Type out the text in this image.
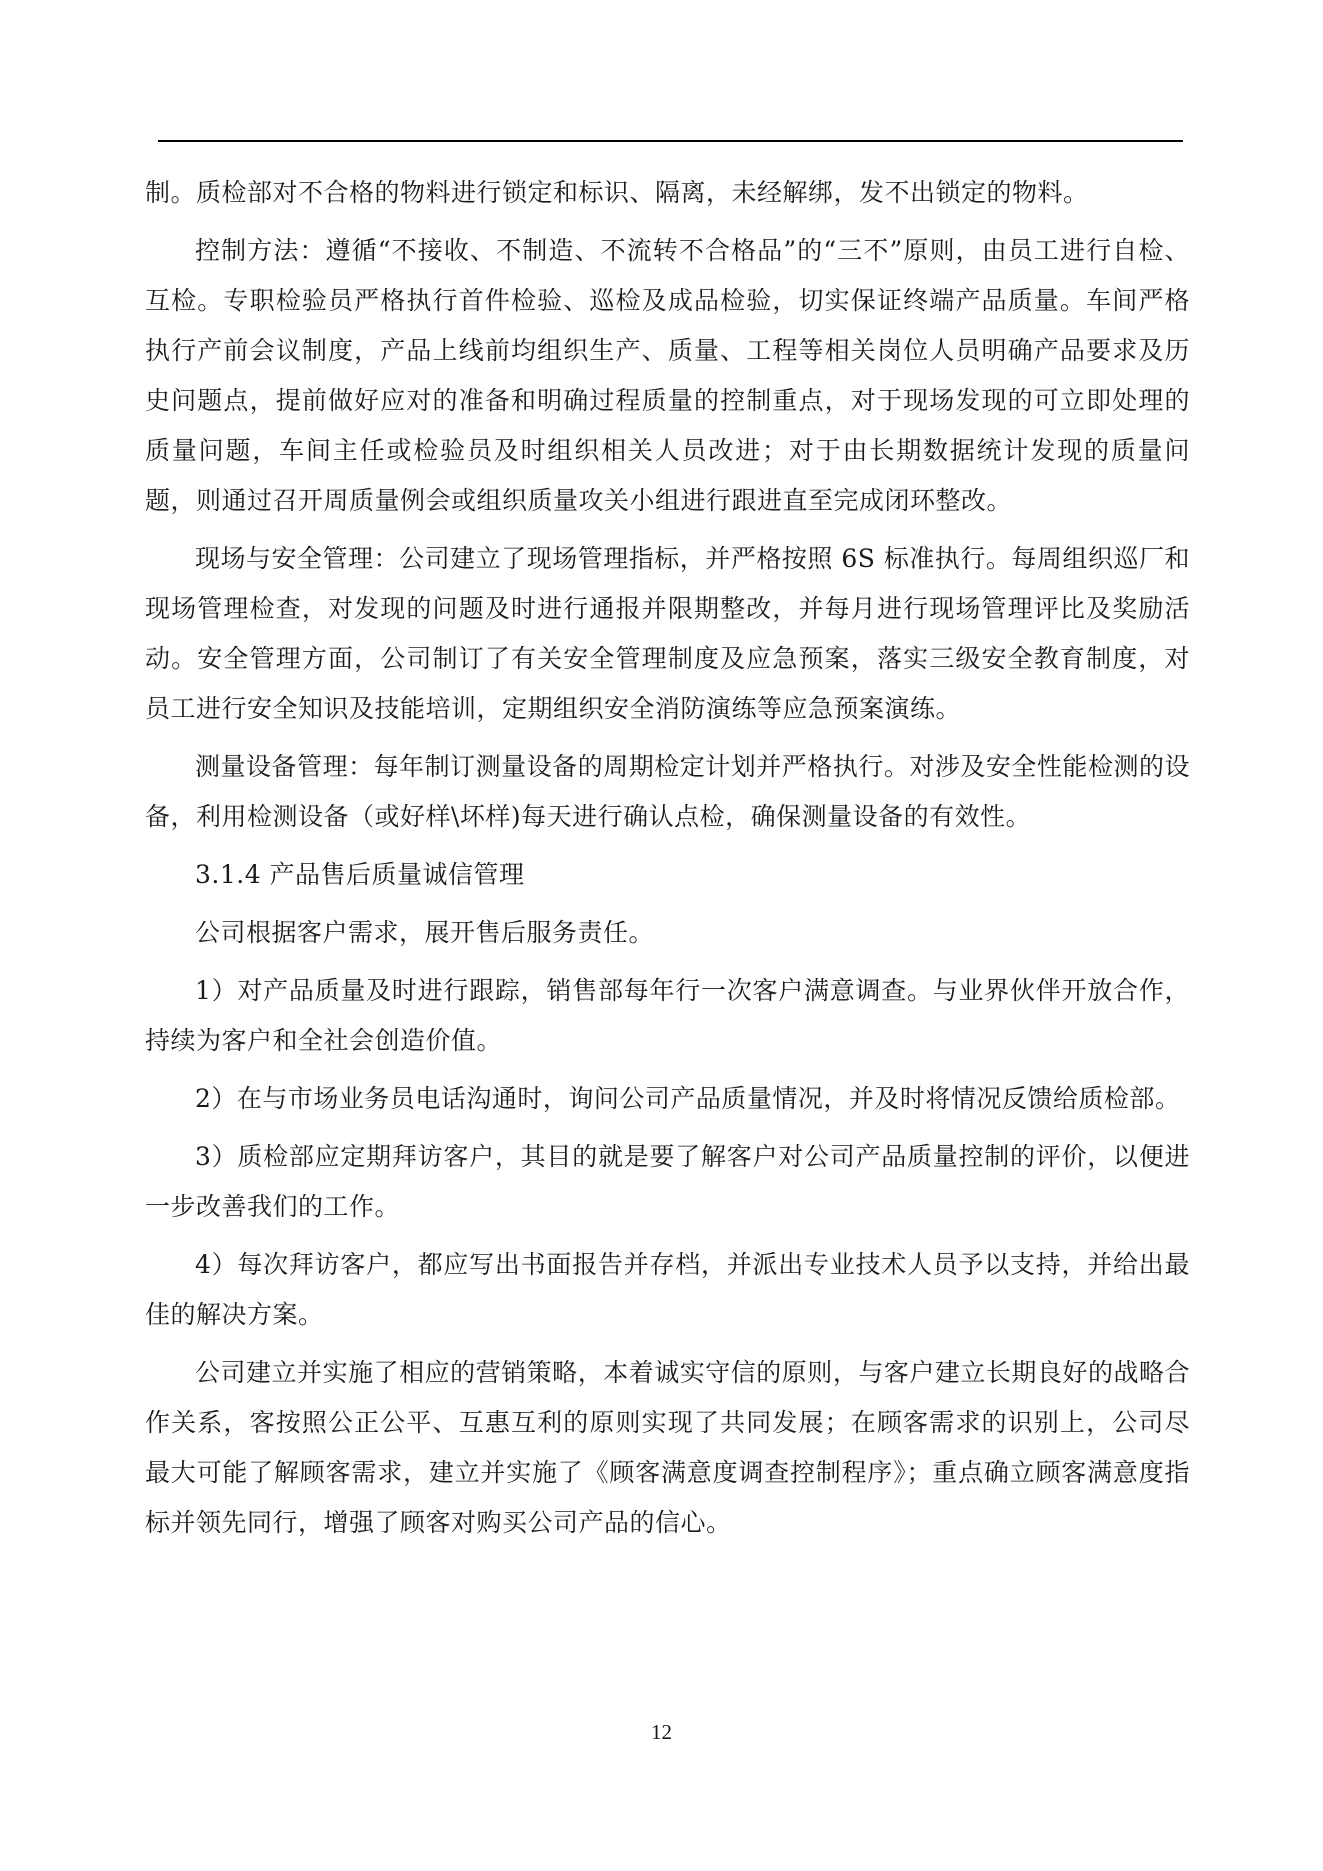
制。质检部对不合格的物料进行锁定和标识、隔离，未经解绑，发不出锁定的物料。

控制方法：遵循“不接收、不制造、不流转不合格品”的“三不”原则，由员工进行自检、互检。专职检验员严格执行首件检验、巡检及成品检验，切实保证终端产品质量。车间严格执行产前会议制度，产品上线前均组织生产、质量、工程等相关岗位人员明确产品要求及历史问题点，提前做好应对的准备和明确过程质量的控制重点，对于现场发现的可立即处理的质量问题，车间主任或检验员及时组织相关人员改进；对于由长期数据统计发现的质量问题，则通过召开周质量例会或组织质量攻关小组进行跟进直至完成闭环整改。

现场与安全管理：公司建立了现场管理指标，并严格按照 6S 标准执行。每周组织巡厂和现场管理检查，对发现的问题及时进行通报并限期整改，并每月进行现场管理评比及奖励活动。安全管理方面，公司制订了有关安全管理制度及应急预案，落实三级安全教育制度，对员工进行安全知识及技能培训，定期组织安全消防演练等应急预案演练。

测量设备管理：每年制订测量设备的周期检定计划并严格执行。对涉及安全性能检测的设备，利用检测设备（或好样\坏样)每天进行确认点检，确保测量设备的有效性。

3.1.4 产品售后质量诚信管理

公司根据客户需求，展开售后服务责任。

1）对产品质量及时进行跟踪，销售部每年行一次客户满意调查。与业界伙伴开放合作，持续为客户和全社会创造价值。

2）在与市场业务员电话沟通时，询问公司产品质量情况，并及时将情况反馈给质检部。

3）质检部应定期拜访客户，其目的就是要了解客户对公司产品质量控制的评价，以便进一步改善我们的工作。

4）每次拜访客户，都应写出书面报告并存档，并派出专业技术人员予以支持，并给出最佳的解决方案。

公司建立并实施了相应的营销策略，本着诚实守信的原则，与客户建立长期良好的战略合作关系，客按照公正公平、互惠互利的原则实现了共同发展；在顾客需求的识别上，公司尽最大可能了解顾客需求，建立并实施了《顾客满意度调查控制程序》；重点确立顾客满意度指标并领先同行，增强了顾客对购买公司产品的信心。

12
